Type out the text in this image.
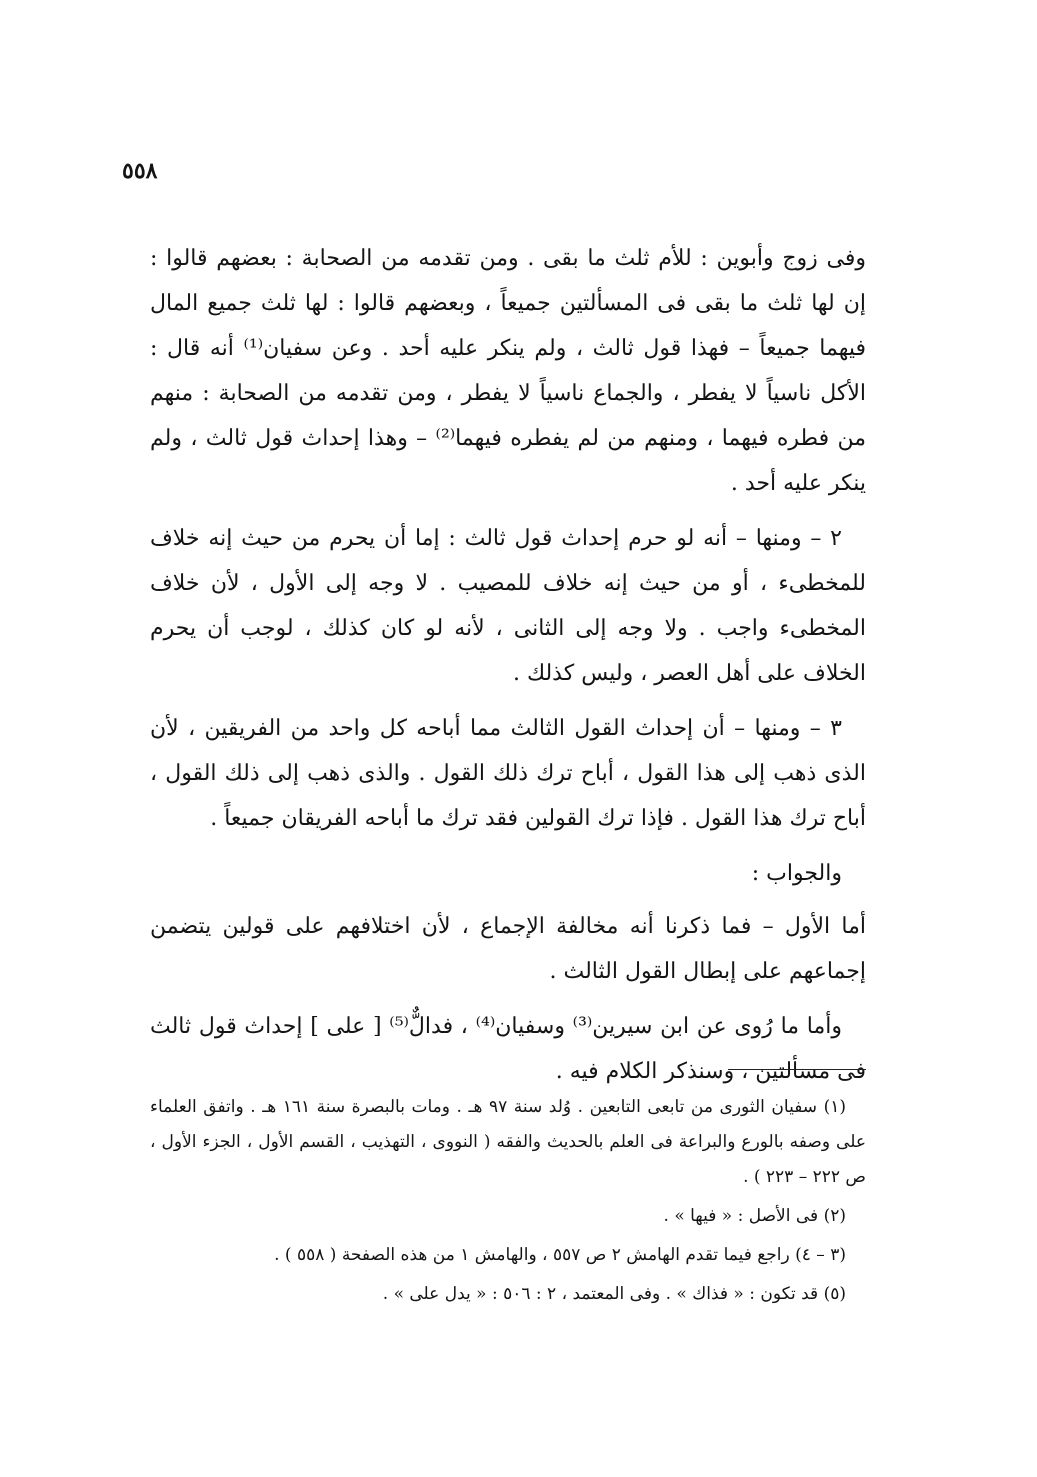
٥٥٨

وفى زوج وأبوين : للأم ثلث ما بقى . ومن تقدمه من الصحابة : بعضهم قالوا : إن لها ثلث ما بقى فى المسألتين جميعاً ، وبعضهم قالوا : لها ثلث جميع المال فيهما جميعاً – فهذا قول ثالث ، ولم ينكر عليه أحد . وعن سفيان⁽¹⁾ أنه قال : الأكل ناسياً لا يفطر ، والجماع ناسياً لا يفطر ، ومن تقدمه من الصحابة : منهم من فطره فيهما ، ومنهم من لم يفطره فيهما⁽²⁾ – وهذا إحداث قول ثالث ، ولم ينكر عليه أحد .

٢ – ومنها – أنه لو حرم إحداث قول ثالث : إما أن يحرم من حيث إنه خلاف للمخطىء ، أو من حيث إنه خلاف للمصيب . لا وجه إلى الأول ، لأن خلاف المخطىء واجب . ولا وجه إلى الثانى ، لأنه لو كان كذلك ، لوجب أن يحرم الخلاف على أهل العصر ، وليس كذلك .

٣ – ومنها – أن إحداث القول الثالث مما أباحه كل واحد من الفريقين ، لأن الذى ذهب إلى هذا القول ، أباح ترك ذلك القول . والذى ذهب إلى ذلك القول ، أباح ترك هذا القول . فإذا ترك القولين فقد ترك ما أباحه الفريقان جميعاً .

والجواب :

أما الأول – فما ذكرنا أنه مخالفة الإجماع ، لأن اختلافهم على قولين يتضمن إجماعهم على إبطال القول الثالث .

وأما ما رُوى عن ابن سيرين⁽³⁾ وسفيان⁽⁴⁾ ، فدالٌّ⁽⁵⁾ [ على ] إحداث قول ثالث فى مسألتين ، وسنذكر الكلام فيه .

(١) سفيان الثورى من تابعى التابعين . وُلد سنة ٩٧ هـ . ومات بالبصرة سنة ١٦١ هـ . واتفق العلماء على وصفه بالورع والبراعة فى العلم بالحديث والفقه ( النووى ، التهذيب ، القسم الأول ، الجزء الأول ، ص ٢٢٢ – ٢٢٣ ) .

(٢) فى الأصل : « فيها » .

(٣ – ٤) راجع فيما تقدم الهامش ٢ ص ٥٥٧ ، والهامش ١ من هذه الصفحة ( ٥٥٨ ) .

(٥) قد تكون : « فذاك » . وفى المعتمد ، ٢ : ٥٠٦ : « يدل على » .
